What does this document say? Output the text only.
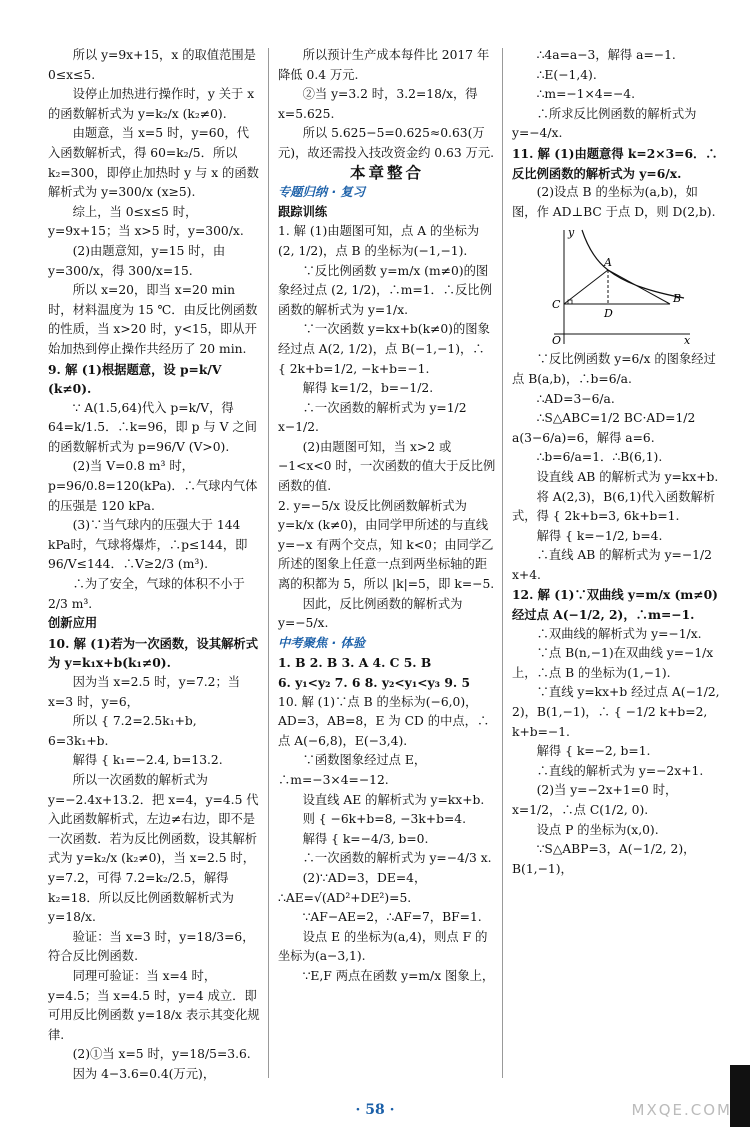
所以 y=9x+15，x 的取值范围是 0≤x≤5.

设停止加热进行操作时，y 关于 x 的函数解析式为 y=k₂/x (k₂≠0).

由题意，当 x=5 时，y=60，代入函数解析式，得 60=k₂/5．所以 k₂=300，即停止加热时 y 与 x 的函数解析式为 y=300/x (x≥5).

综上，当 0≤x≤5 时，y=9x+15；当 x>5 时，y=300/x.

(2)由题意知，y=15 时，由 y=300/x，得 300/x=15.

所以 x=20，即当 x=20 min 时，材料温度为 15 ℃．由反比例函数的性质，当 x>20 时，y<15，即从开始加热到停止操作共经历了 20 min.

9. 解 (1)根据题意，设 p=k/V (k≠0).

∵ A(1.5,64)代入 p=k/V，得 64=k/1.5．∴k=96，即 p 与 V 之间的函数解析式为 p=96/V (V>0).

(2)当 V=0.8 m³ 时，p=96/0.8=120(kPa)．∴气球内气体的压强是 120 kPa.

(3)∵当气球内的压强大于 144 kPa时，气球将爆炸，∴p≤144，即 96/V≤144．∴V≥2/3 (m³).

∴为了安全，气球的体积不小于 2/3 m³.

创新应用

10. 解 (1)若为一次函数，设其解析式为 y=k₁x+b(k₁≠0).

因为当 x=2.5 时，y=7.2；当 x=3 时，y=6，

所以 { 7.2=2.5k₁+b, 6=3k₁+b.

解得 { k₁=−2.4, b=13.2.

所以一次函数的解析式为 y=−2.4x+13.2．把 x=4，y=4.5 代入此函数解析式，左边≠右边，即不是一次函数．若为反比例函数，设其解析式为 y=k₂/x (k₂≠0)，当 x=2.5 时，y=7.2，可得 7.2=k₂/2.5，解得 k₂=18．所以反比例函数解析式为 y=18/x.

验证：当 x=3 时，y=18/3=6，符合反比例函数.

同理可验证：当 x=4 时，y=4.5；当 x=4.5 时，y=4 成立．即可用反比例函数 y=18/x 表示其变化规律.

(2)①当 x=5 时，y=18/5=3.6.

因为 4−3.6=0.4(万元)，

所以预计生产成本每件比 2017 年降低 0.4 万元.

②当 y=3.2 时，3.2=18/x，得 x=5.625.

所以 5.625−5=0.625≈0.63(万元)，故还需投入技改资金约 0.63 万元.

本章整合

专题归纳 · 复习

跟踪训练

1. 解 (1)由题图可知，点 A 的坐标为 (2, 1/2)，点 B 的坐标为(−1,−1).

∵反比例函数 y=m/x (m≠0)的图象经过点 (2, 1/2)，∴m=1．∴反比例函数的解析式为 y=1/x.

∵一次函数 y=kx+b(k≠0)的图象经过点 A(2, 1/2)，点 B(−1,−1)，∴ { 2k+b=1/2, −k+b=−1.

解得 k=1/2，b=−1/2.

∴一次函数的解析式为 y=1/2 x−1/2.

(2)由题图可知，当 x>2 或 −1<x<0 时，一次函数的值大于反比例函数的值.

2. y=−5/x 设反比例函数解析式为 y=k/x (k≠0)，由同学甲所述的与直线 y=−x 有两个交点，知 k<0；由同学乙所述的图象上任意一点到两坐标轴的距离的积都为 5，所以 |k|=5，即 k=−5.

因此，反比例函数的解析式为 y=−5/x.

中考聚焦 · 体验

1. B 2. B 3. A 4. C 5. B

6. y₁<y₂ 7. 6 8. y₂<y₁<y₃ 9. 5

10. 解 (1)∵点 B 的坐标为(−6,0)，AD=3，AB=8，E 为 CD 的中点，∴点 A(−6,8)，E(−3,4).

∵函数图象经过点 E，∴m=−3×4=−12.

设直线 AE 的解析式为 y=kx+b.

则 { −6k+b=8, −3k+b=4.

解得 { k=−4/3, b=0.

∴一次函数的解析式为 y=−4/3 x.

(2)∵AD=3，DE=4，∴AE=√(AD²+DE²)=5.

∵AF−AE=2，∴AF=7，BF=1.

设点 E 的坐标为(a,4)，则点 F 的坐标为(a−3,1).

∵E,F 两点在函数 y=m/x 图象上，

∴4a=a−3，解得 a=−1.

∴E(−1,4).

∴m=−1×4=−4.

∴所求反比例函数的解析式为 y=−4/x.

11. 解 (1)由题意得 k=2×3=6．∴反比例函数的解析式为 y=6/x.

(2)设点 B 的坐标为(a,b)，如图，作 AD⊥BC 于点 D，则 D(2,b).

y
x
A
B
C
D
O

∵反比例函数 y=6/x 的图象经过点 B(a,b)，∴b=6/a.

∴AD=3−6/a.

∴S△ABC=1/2 BC·AD=1/2 a(3−6/a)=6，解得 a=6.

∴b=6/a=1．∴B(6,1).

设直线 AB 的解析式为 y=kx+b.

将 A(2,3)，B(6,1)代入函数解析式，得 { 2k+b=3, 6k+b=1.

解得 { k=−1/2, b=4.

∴直线 AB 的解析式为 y=−1/2 x+4.

12. 解 (1)∵双曲线 y=m/x (m≠0)经过点 A(−1/2, 2)，∴m=−1.

∴双曲线的解析式为 y=−1/x.

∵点 B(n,−1)在双曲线 y=−1/x 上，∴点 B 的坐标为(1,−1).

∵直线 y=kx+b 经过点 A(−1/2, 2)，B(1,−1)，∴ { −1/2 k+b=2, k+b=−1.

解得 { k=−2, b=1.

∴直线的解析式为 y=−2x+1.

(2)当 y=−2x+1=0 时，x=1/2，∴点 C(1/2, 0).

设点 P 的坐标为(x,0).

∵S△ABP=3，A(−1/2, 2)，B(1,−1)，

· 58 ·	MXQE.COM
